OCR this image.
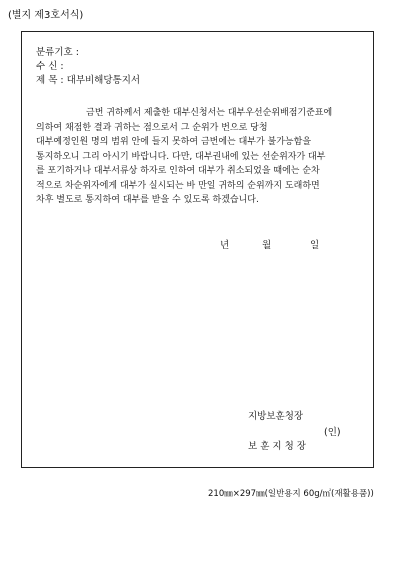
(별지 제3호서식)
분류기호 :
수 신 :
제 목 : 대부비해당통지서
금번 귀하께서 제출한 대부신청서는 대부우선순위배점기준표에
의하여 채점한 결과 귀하는 점으로서 그 순위가 번으로 당청
대부예정인원 명의 범위 안에 들지 못하여 금번에는 대부가 불가능함을
통지하오니 그리 아시기 바랍니다. 다만, 대부권내에 있는 선순위자가 대부
를 포기하거나 대부서류상 하자로 인하여 대부가 취소되었을 때에는 순차
적으로 차순위자에게 대부가 실시되는 바 만일 귀하의 순위까지 도래하면
차후 별도로 통지하여 대부를 받을 수 있도록 하겠습니다.
년	월	일
지방보훈청장
(인)
보 훈 지 청 장
210㎜×297㎜(일반용지 60g/㎡(재활용품))
